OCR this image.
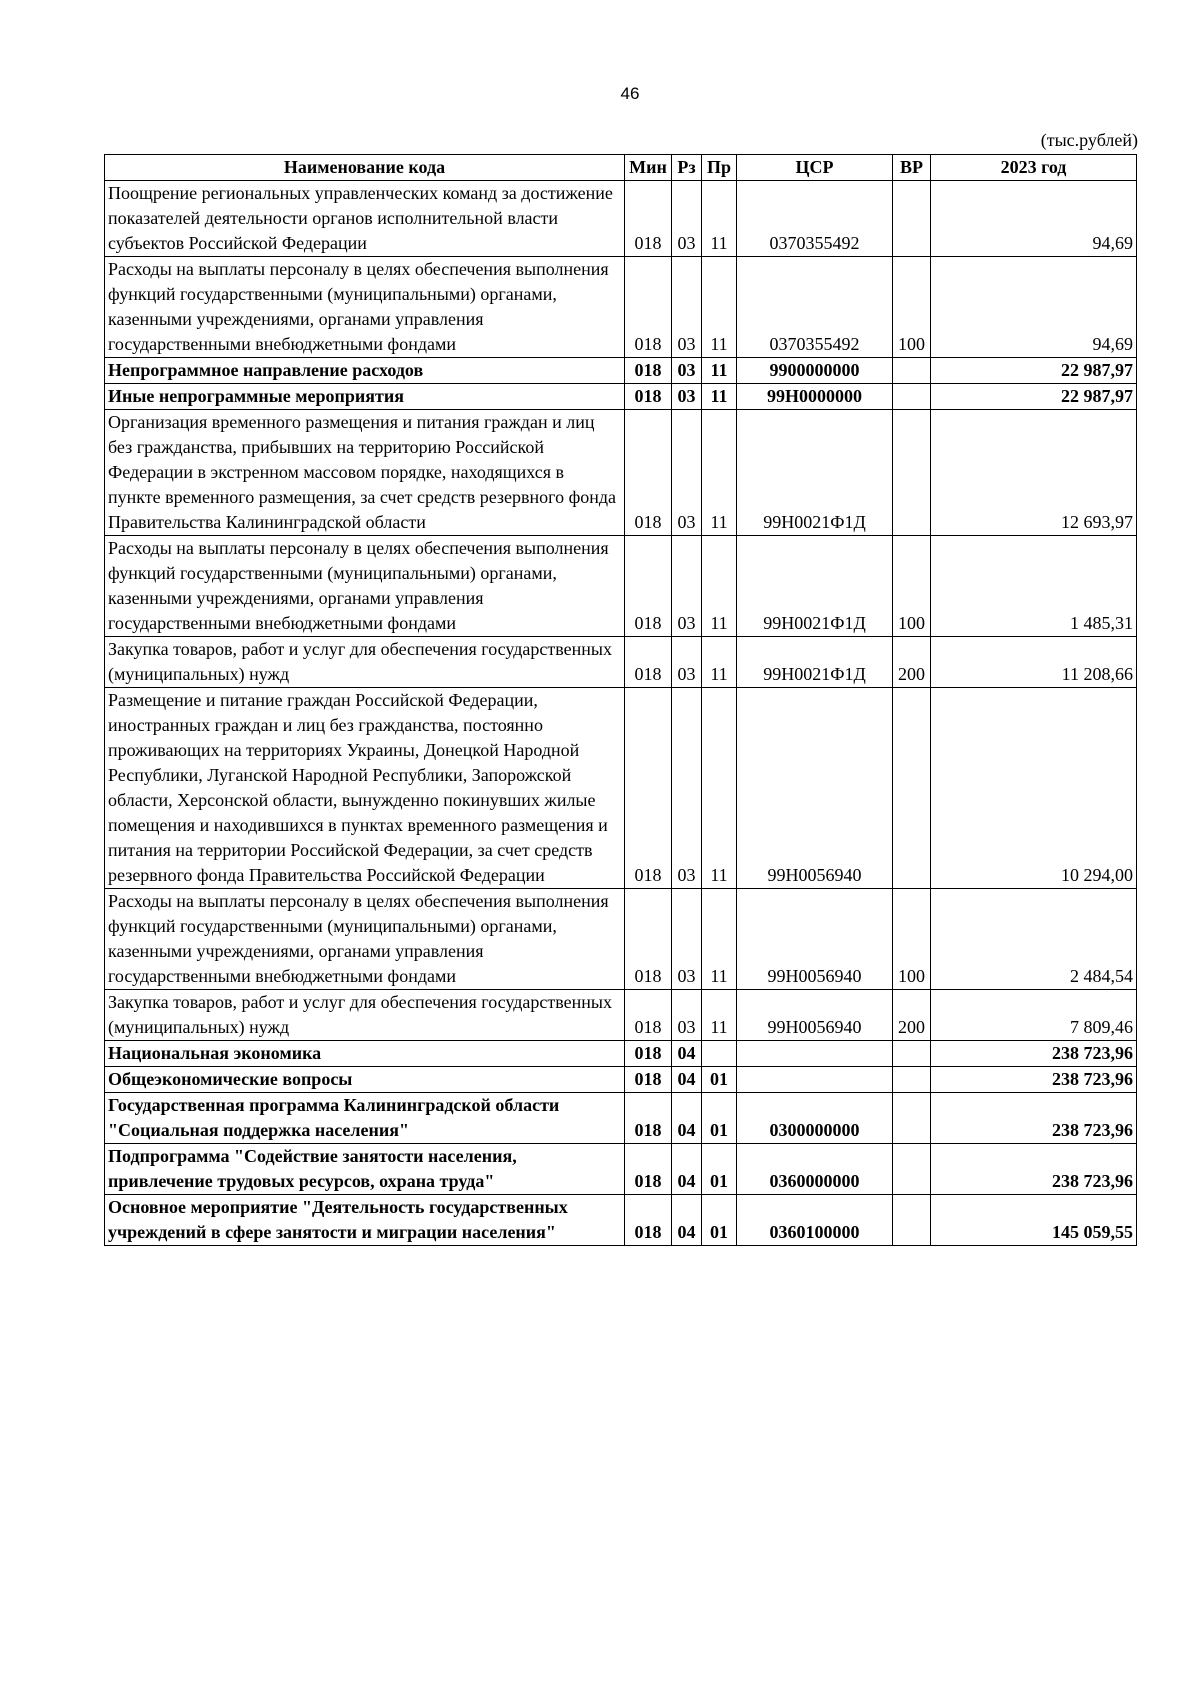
46
(тыс.рублей)
Наименование кода	Мин	Рз	Пр	ЦСР	ВР	2023 год
Поощрение региональных управленческих команд за достижение показателей деятельности органов исполнительной власти субъектов Российской Федерации	018	03	11	0370355492		94,69
Расходы на выплаты персоналу в целях обеспечения выполнения функций государственными (муниципальными) органами, казенными учреждениями, органами управления государственными внебюджетными фондами	018	03	11	0370355492	100	94,69
Непрограммное направление расходов	018	03	11	9900000000		22 987,97
Иные непрограммные мероприятия	018	03	11	99Н0000000		22 987,97
Организация временного размещения и питания граждан и лиц без гражданства, прибывших на территорию Российской Федерации в экстренном массовом порядке, находящихся в пункте временного размещения, за счет средств резервного фонда Правительства Калининградской области	018	03	11	99Н0021Ф1Д		12 693,97
Расходы на выплаты персоналу в целях обеспечения выполнения функций государственными (муниципальными) органами, казенными учреждениями, органами управления государственными внебюджетными фондами	018	03	11	99Н0021Ф1Д	100	1 485,31
Закупка товаров, работ и услуг для обеспечения государственных (муниципальных) нужд	018	03	11	99Н0021Ф1Д	200	11 208,66
Размещение и питание граждан Российской Федерации, иностранных граждан и лиц без гражданства, постоянно проживающих на территориях Украины, Донецкой Народной Республики, Луганской Народной Республики, Запорожской области, Херсонской области, вынужденно покинувших жилые помещения и находившихся в пунктах временного размещения и питания на территории Российской Федерации, за счет средств резервного фонда Правительства Российской Федерации	018	03	11	99Н0056940		10 294,00
Расходы на выплаты персоналу в целях обеспечения выполнения функций государственными (муниципальными) органами, казенными учреждениями, органами управления государственными внебюджетными фондами	018	03	11	99Н0056940	100	2 484,54
Закупка товаров, работ и услуг для обеспечения государственных (муниципальных) нужд	018	03	11	99Н0056940	200	7 809,46
Национальная экономика	018	04				238 723,96
Общеэкономические вопросы	018	04	01			238 723,96
Государственная программа Калининградской области "Социальная поддержка населения"	018	04	01	0300000000		238 723,96
Подпрограмма "Содействие занятости населения, привлечение трудовых ресурсов, охрана труда"	018	04	01	0360000000		238 723,96
Основное мероприятие "Деятельность государственных учреждений в сфере занятости и миграции населения"	018	04	01	0360100000		145 059,55
